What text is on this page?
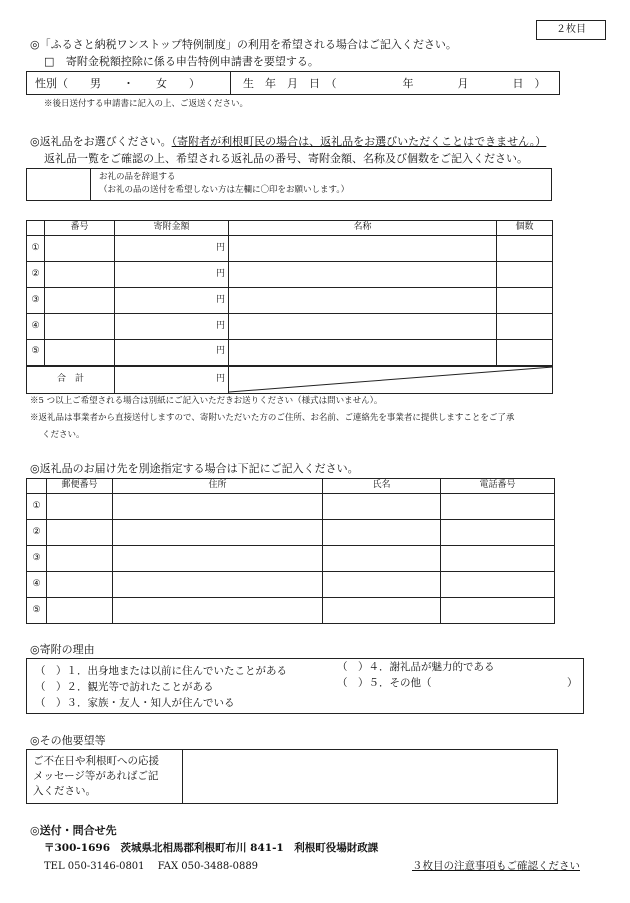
２枚目
◎「ふるさと納税ワンストップ特例制度」の利用を希望される場合はご記入ください。
□ 寄附金税額控除に係る申告特例申請書を要望する。
性別（　　男　　・　　女　　）	生　年　月　日　（　　　　　　年　　　　月　　　　日　）
※後日送付する申請書に記入の上、ご返送ください。
◎返礼品をお選びください。（寄附者が利根町民の場合は、返礼品をお選びいただくことはできません。）
返礼品一覧をご確認の上、希望される返礼品の番号、寄附金額、名称及び個数をご記入ください。
お礼の品を辞退する
（お礼の品の送付を希望しない方は左欄に〇印をお願いします。）
	番号	寄附金額	名称	個数
①		円		
②		円		
③		円		
④		円		
⑤		円		
合　計		円	
※5 つ以上ご希望される場合は別紙にご記入いただきお送りください（様式は問いません）。
※返礼品は事業者から直接送付しますので、寄附いただいた方のご住所、お名前、ご連絡先を事業者に提供しますことをご了承
ください。
◎返礼品のお届け先を別途指定する場合は下記にご記入ください。
	郵便番号	住所	氏名	電話番号
①				
②				
③				
④				
⑤				
◎寄附の理由
（　）１．出身地または以前に住んでいたことがある
（　）２．観光等で訪れたことがある
（　）３．家族・友人・知人が住んでいる
（　）４．謝礼品が魅力的である
（　）５．その他（	）
◎その他要望等
ご不在日や利根町への応援
メッセージ等があればご記
入ください。
◎送付・問合せ先
〒300-1696　茨城県北相馬郡利根町布川 841-1　利根町役場財政課
TEL 050-3146-0801　 FAX 050-3488-0889	３枚目の注意事項もご確認ください
